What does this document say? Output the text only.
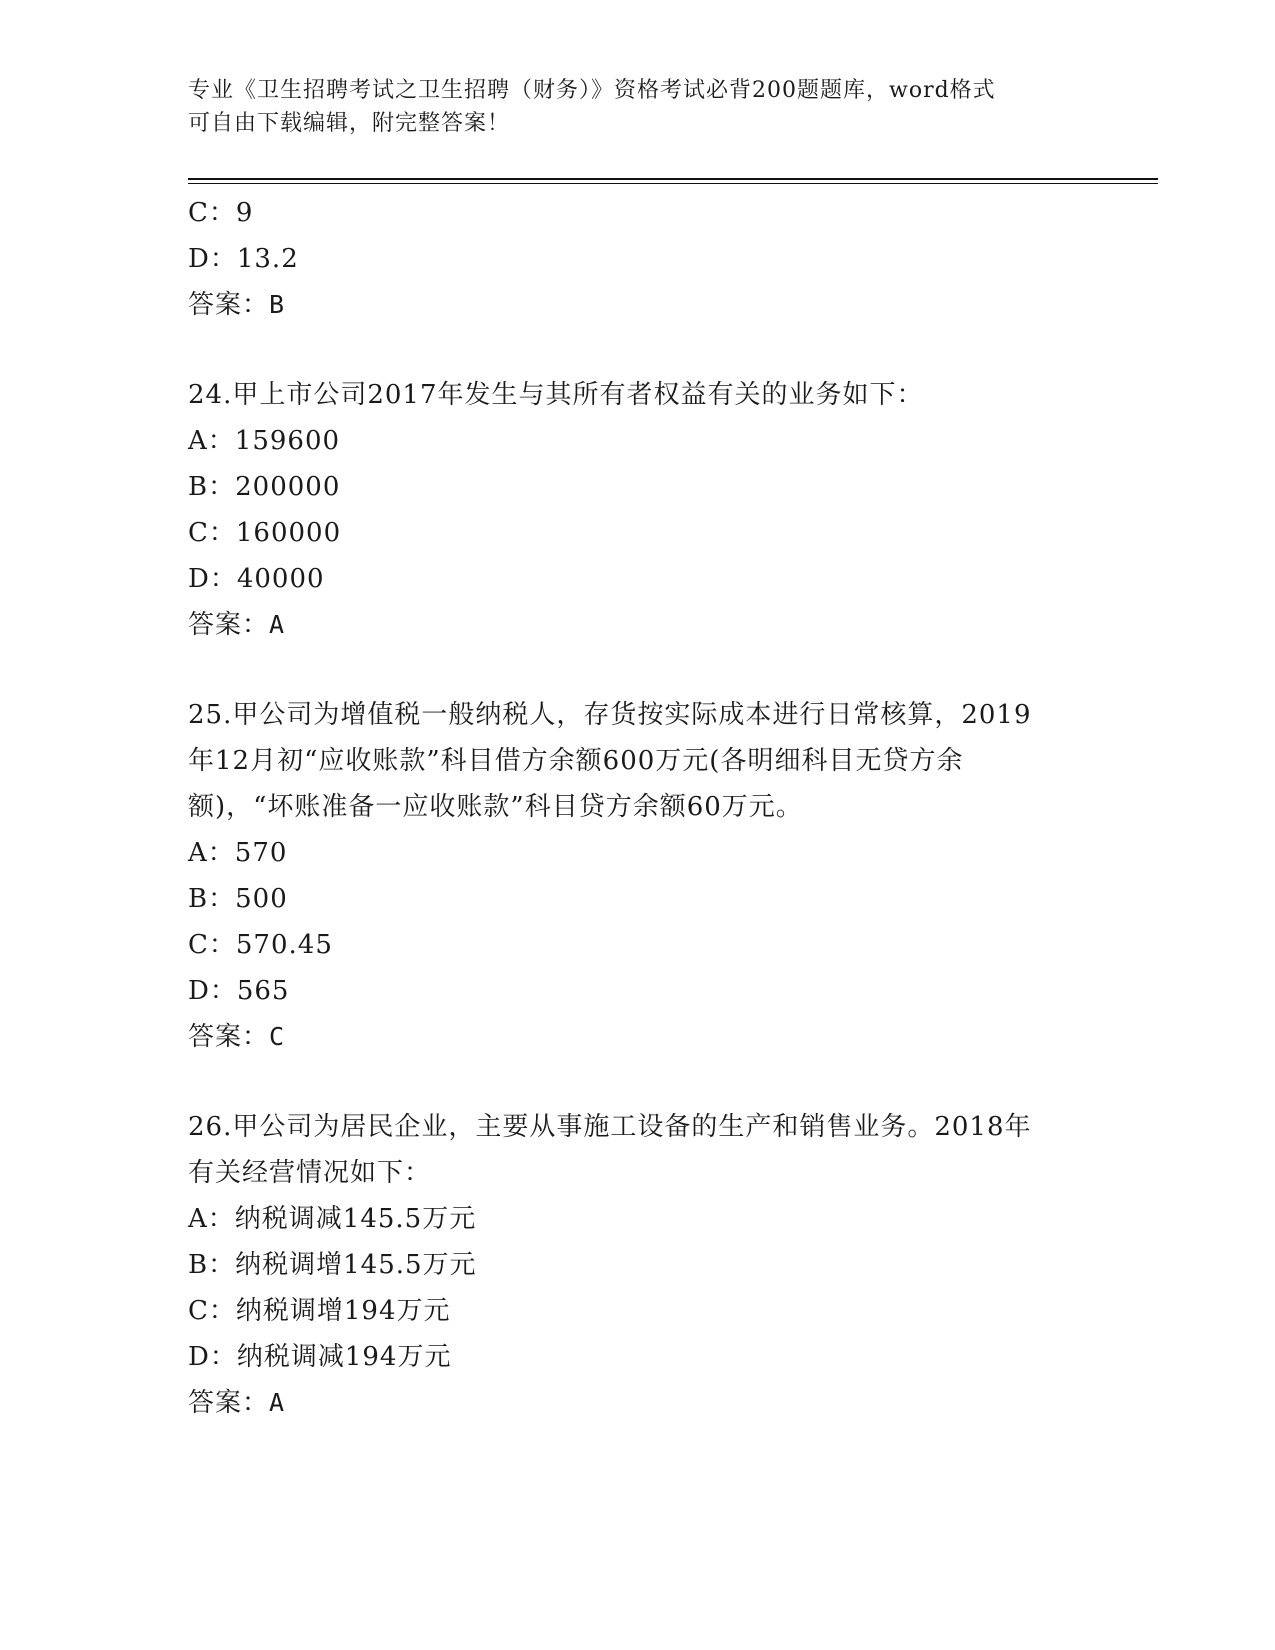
专业《卫生招聘考试之卫生招聘（财务）》资格考试必背200题题库，word格式
可自由下载编辑，附完整答案！
C：9
D：13.2
答案：B
24.甲上市公司2017年发生与其所有者权益有关的业务如下：
A：159600
B：200000
C：160000
D：40000
答案：A
25.甲公司为增值税一般纳税人，存货按实际成本进行日常核算，2019
年12月初“应收账款”科目借方余额600万元(各明细科目无贷方余
额)，“坏账准备一应收账款”科目贷方余额60万元。
A：570
B：500
C：570.45
D：565
答案：C
26.甲公司为居民企业，主要从事施工设备的生产和销售业务。2018年
有关经营情况如下：
A：纳税调减145.5万元
B：纳税调增145.5万元
C：纳税调增194万元
D：纳税调减194万元
答案：A
